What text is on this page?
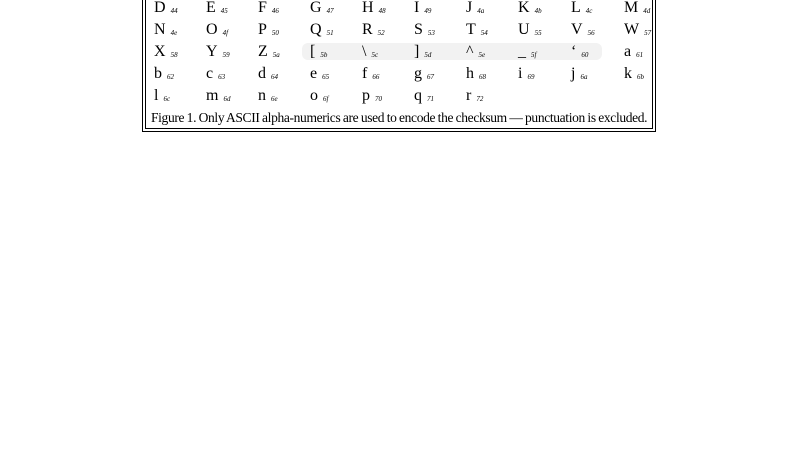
D 44	E 45	F 46	G 47	H 48	I 49	J 4a	K 4b	L 4c	M 4d
N 4e	O 4f	P 50	Q 51	R 52	S 53	T 54	U 55	V 56	W 57
X 58	Y 59	Z 5a	[ 5b	\ 5c	] 5d	^ 5e	_ 5f	‘ 60	a 61
b 62	c 63	d 64	e 65	f 66	g 67	h 68	i 69	j 6a	k 6b
l 6c	m 6d	n 6e	o 6f	p 70	q 71	r 72
Figure 1. Only ASCII alpha-numerics are used to encode the checksum — punctuation is excluded.
